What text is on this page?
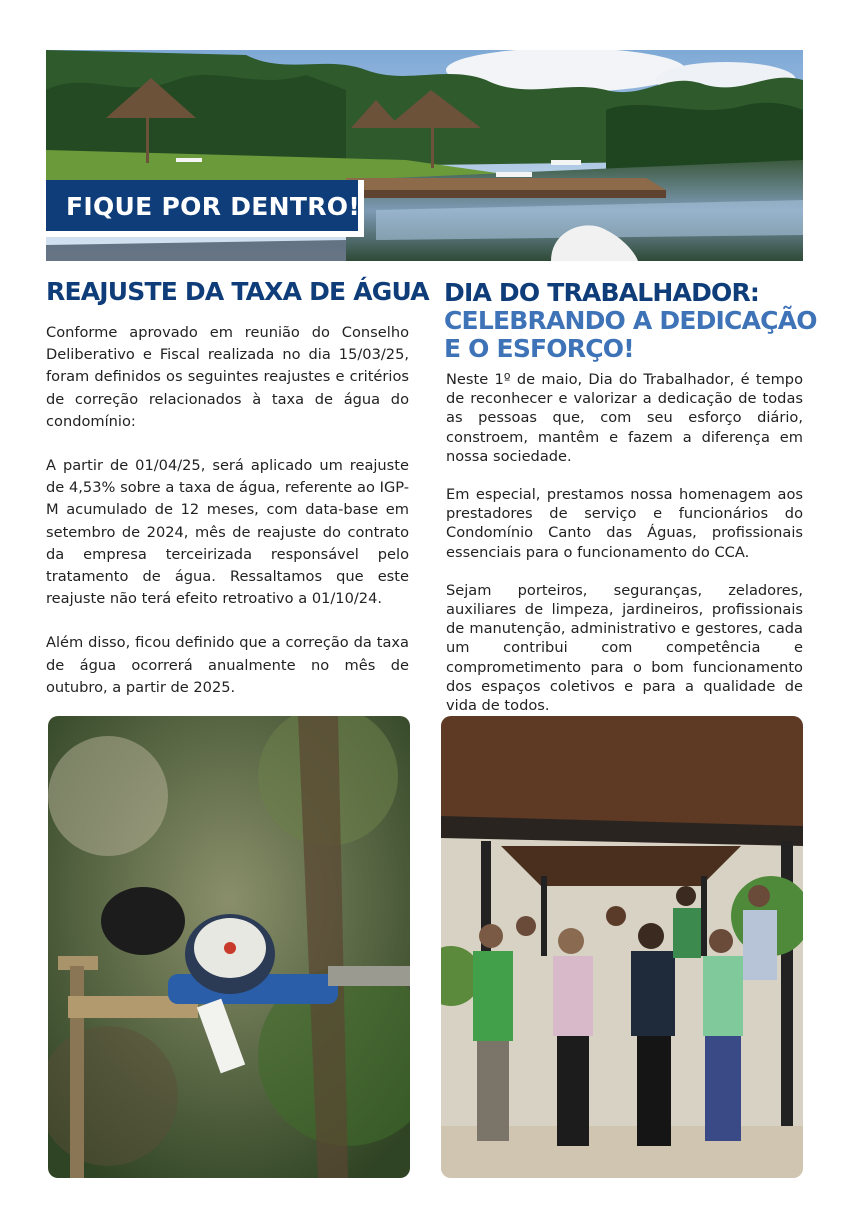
FIQUE POR DENTRO!
REAJUSTE DA TAXA DE ÁGUA

Conforme aprovado em reunião do Conselho Deliberativo e Fiscal realizada no dia 15/03/25, foram definidos os seguintes reajustes e critérios de correção relacionados à taxa de água do condomínio:

A partir de 01/04/25, será aplicado um reajuste de 4,53% sobre a taxa de água, referente ao IGP-M acumulado de 12 meses, com data-base em setembro de 2024, mês de reajuste do contrato da empresa terceirizada responsável pelo tratamento de água. Ressaltamos que este reajuste não terá efeito retroativo a 01/10/24.

Além disso, ficou definido que a correção da taxa de água ocorrerá anualmente no mês de outubro, a partir de 2025.

DIA DO TRABALHADOR:
CELEBRANDO A DEDICAÇÃO
E O ESFORÇO!

Neste 1º de maio, Dia do Trabalhador, é tempo de reconhecer e valorizar a dedicação de todas as pessoas que, com seu esforço diário, constroem, mantêm e fazem a diferença em nossa sociedade.

Em especial, prestamos nossa homenagem aos prestadores de serviço e funcionários do Condomínio Canto das Águas, profissionais essenciais para o funcionamento do CCA.

Sejam porteiros, seguranças, zeladores, auxiliares de limpeza, jardineiros, profissionais de manutenção, administrativo e gestores, cada um contribui com competência e comprometimento para o bom funcionamento dos espaços coletivos e para a qualidade de vida de todos.
